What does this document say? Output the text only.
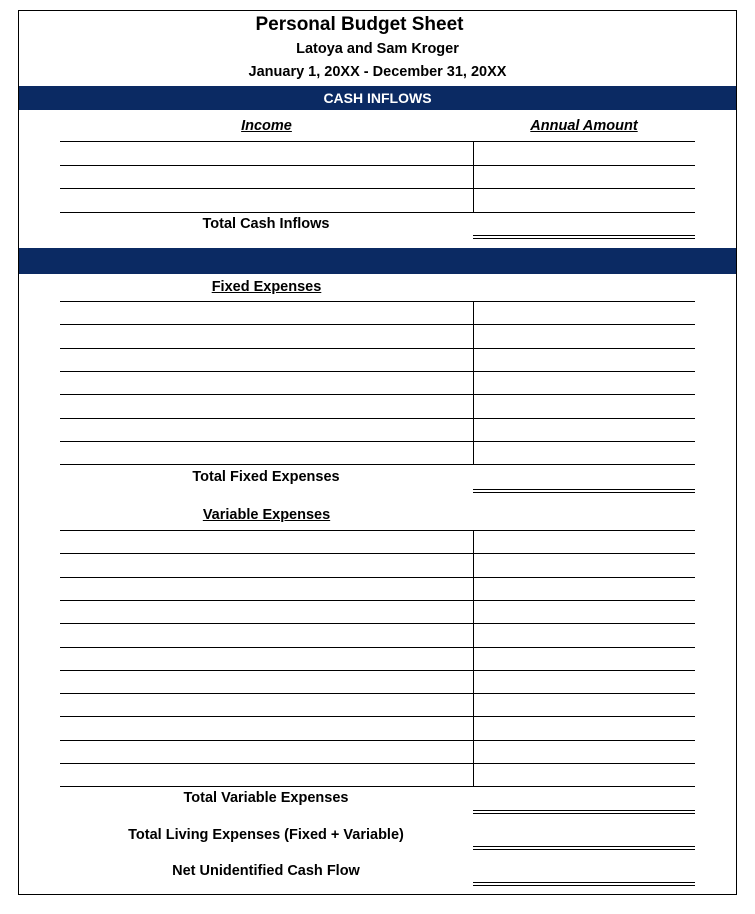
Personal Budget Sheet
Latoya and Sam Kroger
January 1, 20XX - December 31, 20XX
CASH INFLOWS
Income	Annual Amount
Total Cash Inflows
Fixed Expenses
Total Fixed Expenses
Variable Expenses
Total Variable Expenses
Total Living Expenses (Fixed + Variable)
Net Unidentified Cash Flow
